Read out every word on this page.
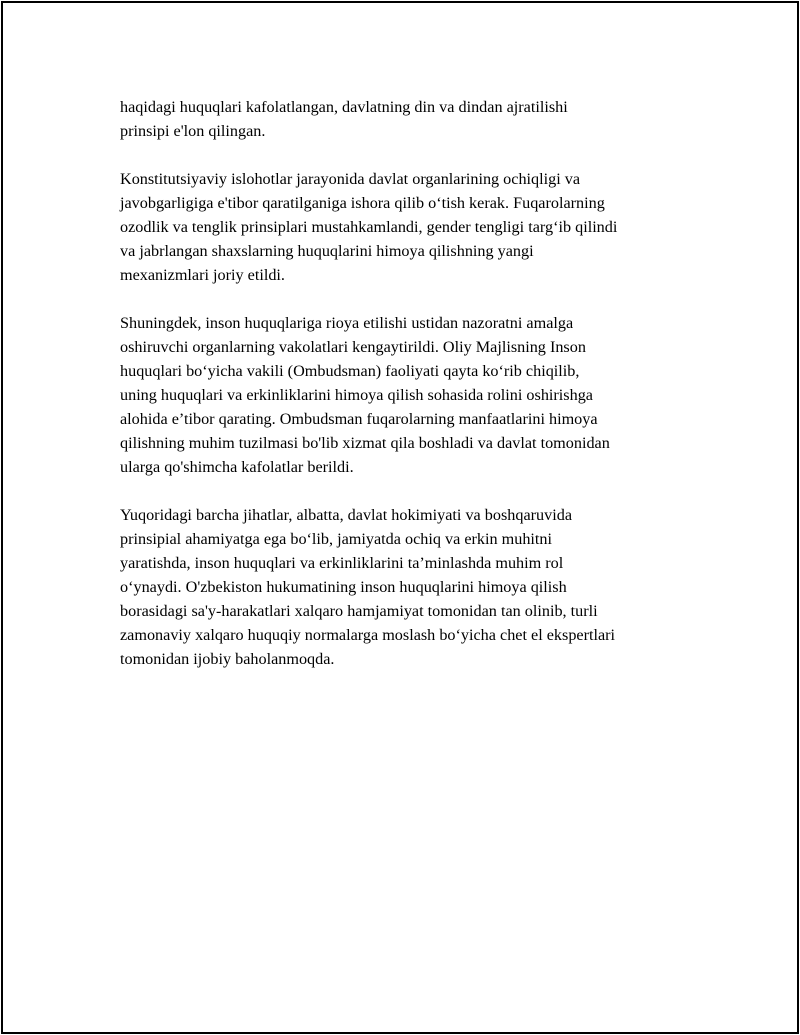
haqidagi huquqlari kafolatlangan, davlatning din va dindan ajratilishi
prinsipi e'lon qilingan.

Konstitutsiyaviy islohotlar jarayonida davlat organlarining ochiqligi va
javobgarligiga e'tibor qaratilganiga ishora qilib o‘tish kerak. Fuqarolarning
ozodlik va tenglik prinsiplari mustahkamlandi, gender tengligi targ‘ib qilindi
va jabrlangan shaxslarning huquqlarini himoya qilishning yangi
mexanizmlari joriy etildi.

Shuningdek, inson huquqlariga rioya etilishi ustidan nazoratni amalga
oshiruvchi organlarning vakolatlari kengaytirildi. Oliy Majlisning Inson
huquqlari bo‘yicha vakili (Ombudsman) faoliyati qayta ko‘rib chiqilib,
uning huquqlari va erkinliklarini himoya qilish sohasida rolini oshirishga
alohida e’tibor qarating. Ombudsman fuqarolarning manfaatlarini himoya
qilishning muhim tuzilmasi bo'lib xizmat qila boshladi va davlat tomonidan
ularga qo'shimcha kafolatlar berildi.

Yuqoridagi barcha jihatlar, albatta, davlat hokimiyati va boshqaruvida
prinsipial ahamiyatga ega bo‘lib, jamiyatda ochiq va erkin muhitni
yaratishda, inson huquqlari va erkinliklarini ta’minlashda muhim rol
o‘ynaydi. O'zbekiston hukumatining inson huquqlarini himoya qilish
borasidagi sa'y-harakatlari xalqaro hamjamiyat tomonidan tan olinib, turli
zamonaviy xalqaro huquqiy normalarga moslash bo‘yicha chet el ekspertlari
tomonidan ijobiy baholanmoqda.
